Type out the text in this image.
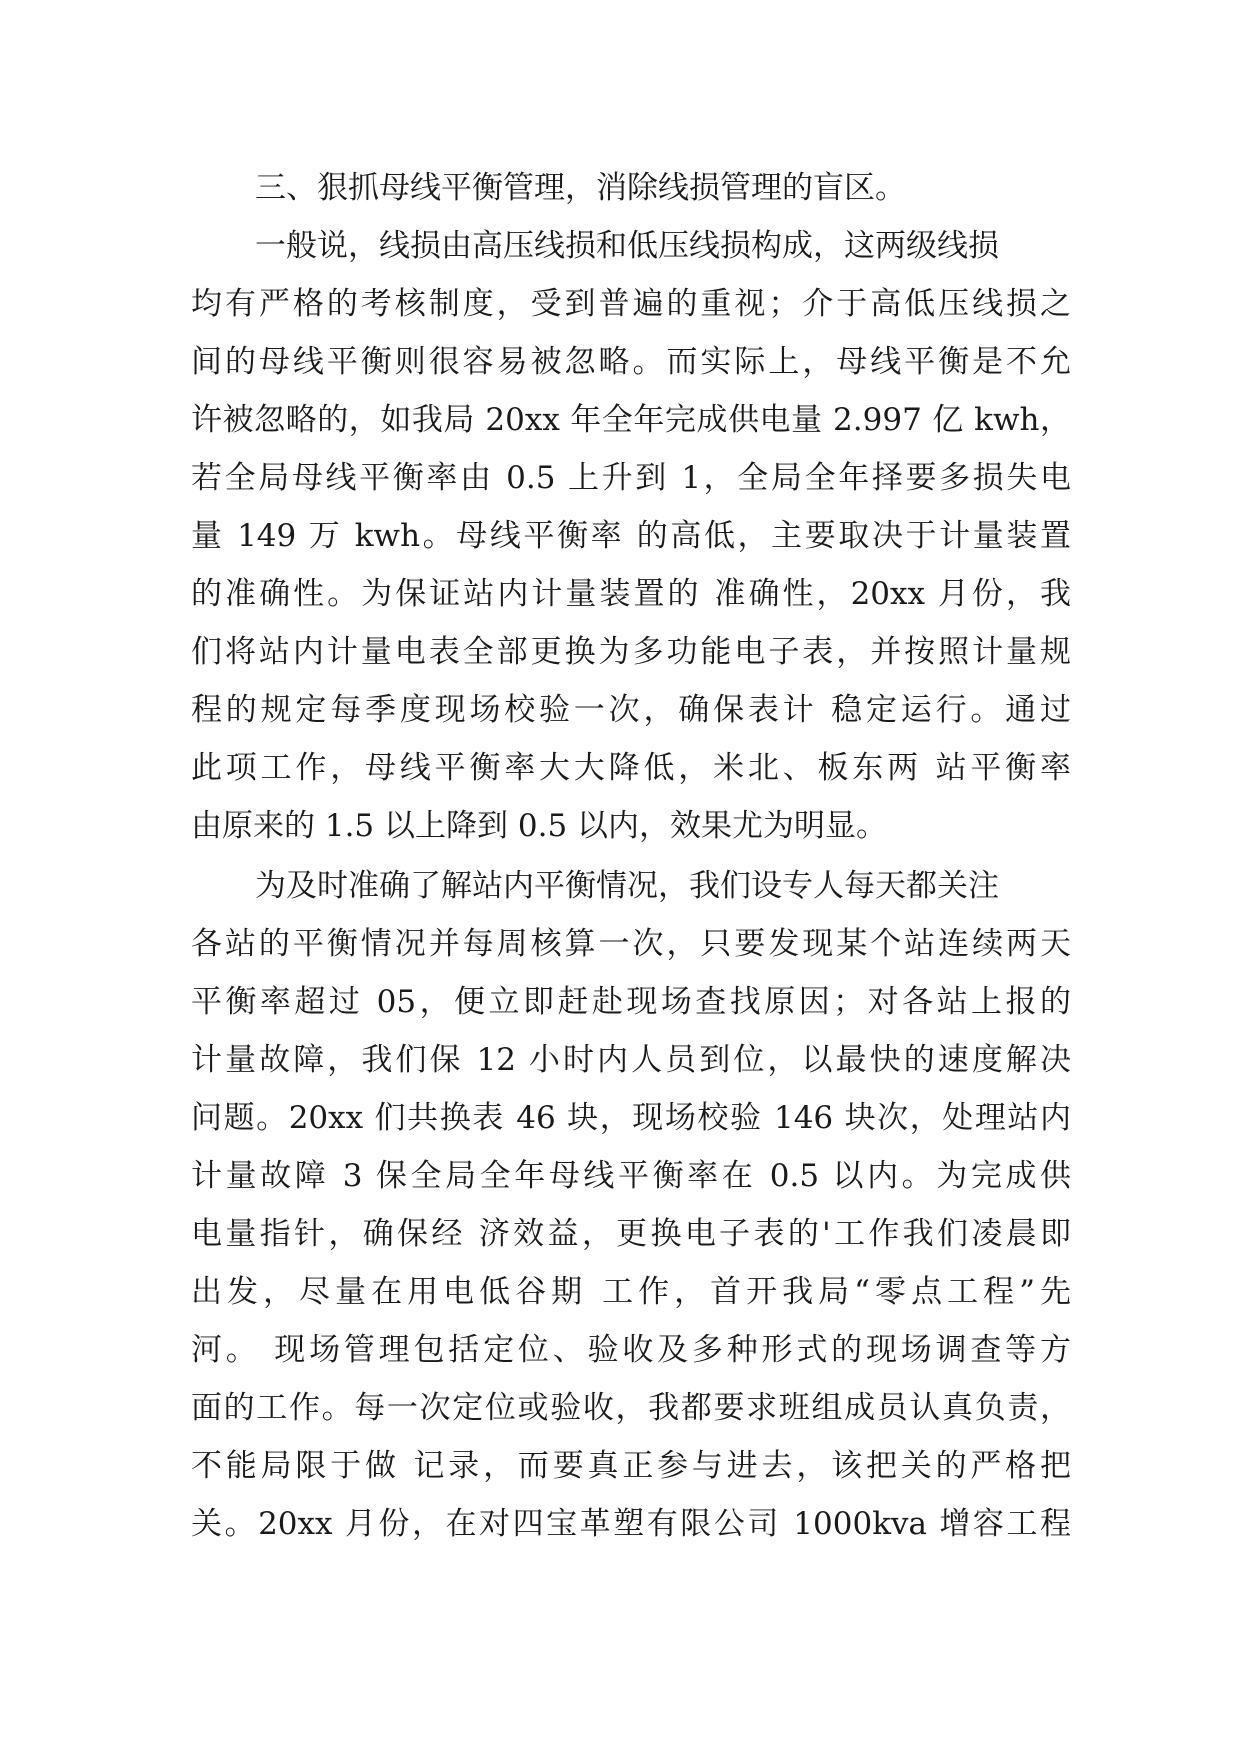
三、狠抓母线平衡管理，消除线损管理的盲区。
一般说，线损由高压线损和低压线损构成，这两级线损
均有严格的考核制度，受到普遍的重视；介于高低压线损之
间的母线平衡则很容易被忽略。而实际上，母线平衡是不允
许被忽略的，如我局 20xx 年全年完成供电量 2.997 亿 kwh，
若全局母线平衡率由 0.5 上升到 1，全局全年择要多损失电
量 149 万 kwh。母线平衡率 的高低，主要取决于计量装置
的准确性。为保证站内计量装置的 准确性，20xx 月份，我
们将站内计量电表全部更换为多功能电子表，并按照计量规
程的规定每季度现场校验一次，确保表计 稳定运行。通过
此项工作，母线平衡率大大降低，米北、板东两 站平衡率
由原来的 1.5 以上降到 0.5 以内，效果尤为明显。
为及时准确了解站内平衡情况，我们设专人每天都关注
各站的平衡情况并每周核算一次，只要发现某个站连续两天
平衡率超过 05，便立即赶赴现场查找原因；对各站上报的
计量故障，我们保 12 小时内人员到位，以最快的速度解决
问题。20xx 们共换表 46 块，现场校验 146 块次，处理站内
计量故障 3 保全局全年母线平衡率在 0.5 以内。为完成供
电量指针，确保经 济效益，更换电子表的'工作我们凌晨即
出发，尽量在用电低谷期 工作，首开我局“零点工程”先
河。 现场管理包括定位、验收及多种形式的现场调查等方
面的工作。每一次定位或验收，我都要求班组成员认真负责，
不能局限于做 记录，而要真正参与进去，该把关的严格把
关。20xx 月份，在对四宝革塑有限公司 1000kva 增容工程
